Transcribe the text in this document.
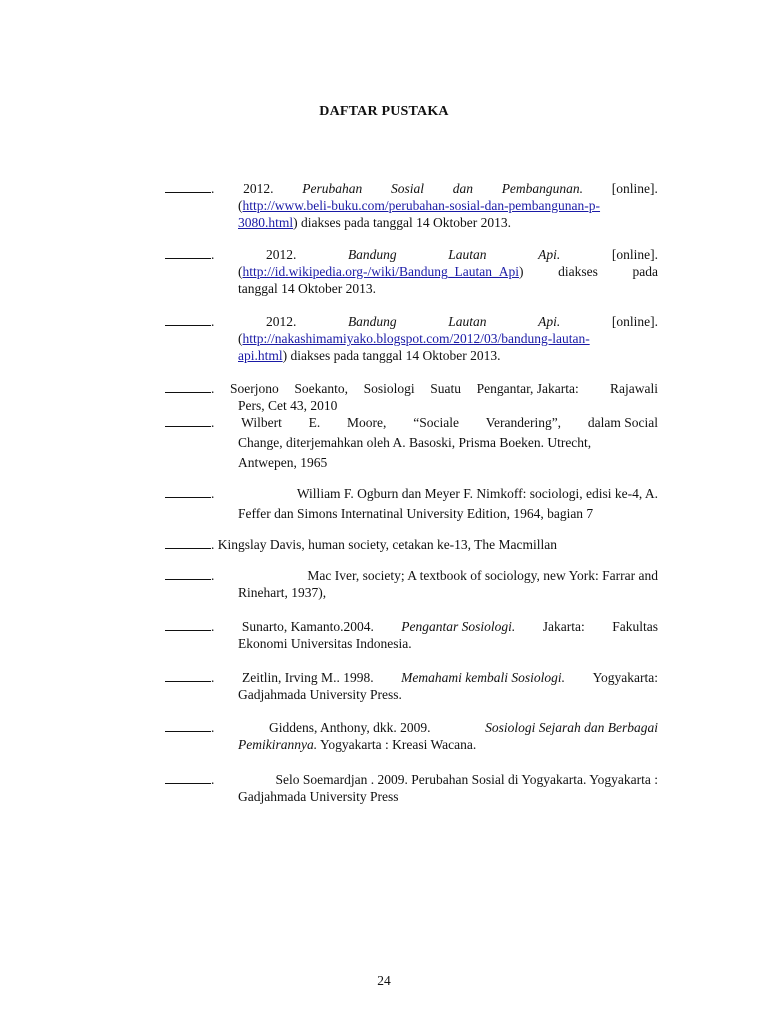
DAFTAR PUSTAKA
. 2012. Perubahan Sosial dan Pembangunan. [online].
(http://www.beli-buku.com/perubahan-sosial-dan-pembangunan-p-
3080.html) diakses pada tanggal 14 Oktober 2013.
.	2012.	Bandung	Lautan	Api.	[online].
(http://id.wikipedia.org-/wiki/Bandung_Lautan_Api)	diakses	pada
tanggal 14 Oktober 2013.
.	2012.	Bandung	Lautan	Api.	[online].
(http://nakashimamiyako.blogspot.com/2012/03/bandung-lautan-
api.html) diakses pada tanggal 14 Oktober 2013.
. Soerjono Soekanto, Sosiologi Suatu Pengantar, Jakarta: Rajawali
Pers, Cet 43, 2010
. Wilbert E. Moore, “Sociale Verandering”, dalam Social
Change, diterjemahkan oleh A. Basoski, Prisma Boeken. Utrecht,
Antwepen, 1965
.	William F. Ogburn dan Meyer F. Nimkoff: sociologi, edisi ke-4, A.
Feffer dan Simons Internatinal University Edition, 1964, bagian 7
. Kingslay Davis, human society, cetakan ke-13, The Macmillan
.	Mac Iver, society; A textbook of sociology, new York: Farrar and
Rinehart, 1937),
. Sunarto, Kamanto.2004. Pengantar Sosiologi. Jakarta: Fakultas
Ekonomi Universitas Indonesia.
. Zeitlin, Irving M.. 1998. Memahami kembali Sosiologi. Yogyakarta:
Gadjahmada University Press.
.	Giddens, Anthony, dkk. 2009.	Sosiologi Sejarah dan Berbagai
Pemikirannya. Yogyakarta : Kreasi Wacana.
.	Selo Soemardjan . 2009. Perubahan Sosial di Yogyakarta. Yogyakarta :
Gadjahmada University Press
24
